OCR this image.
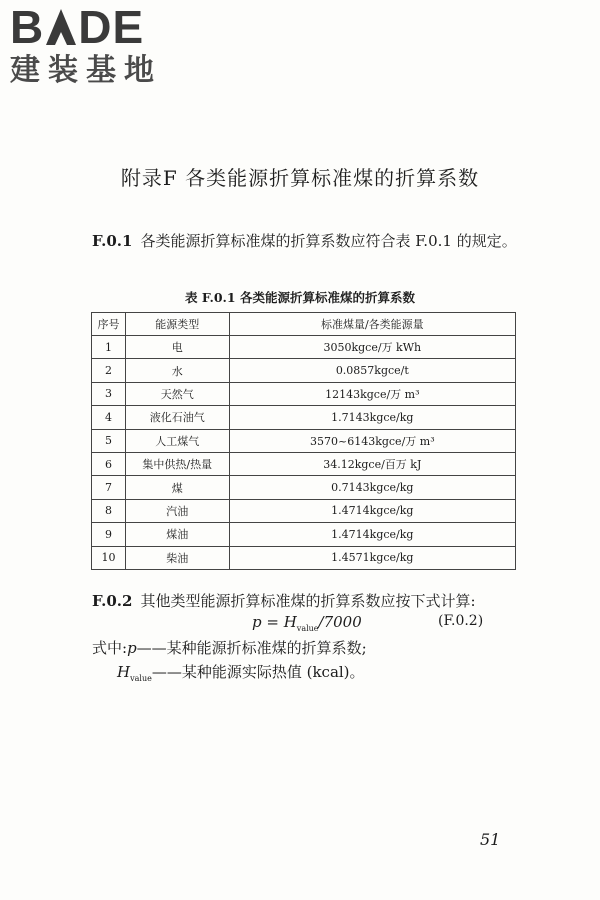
B DE
建装基地
附录F 各类能源折算标准煤的折算系数
F.0.1 各类能源折算标准煤的折算系数应符合表 F.0.1 的规定。
表 F.0.1 各类能源折算标准煤的折算系数
序号	能源类型	标准煤量/各类能源量
1	电	3050kgce/万 kWh
2	水	0.0857kgce/t
3	天然气	12143kgce/万 m³
4	液化石油气	1.7143kgce/kg
5	人工煤气	3570~6143kgce/万 m³
6	集中供热/热量	34.12kgce/百万 kJ
7	煤	0.7143kgce/kg
8	汽油	1.4714kgce/kg
9	煤油	1.4714kgce/kg
10	柴油	1.4571kgce/kg
F.0.2 其他类型能源折算标准煤的折算系数应按下式计算:
$p = H_{value}/7000$	(F.0.2)
式中:p——某种能源折标准煤的折算系数;
$H_{value}——$某种能源实际热值 (kcal)。
51
